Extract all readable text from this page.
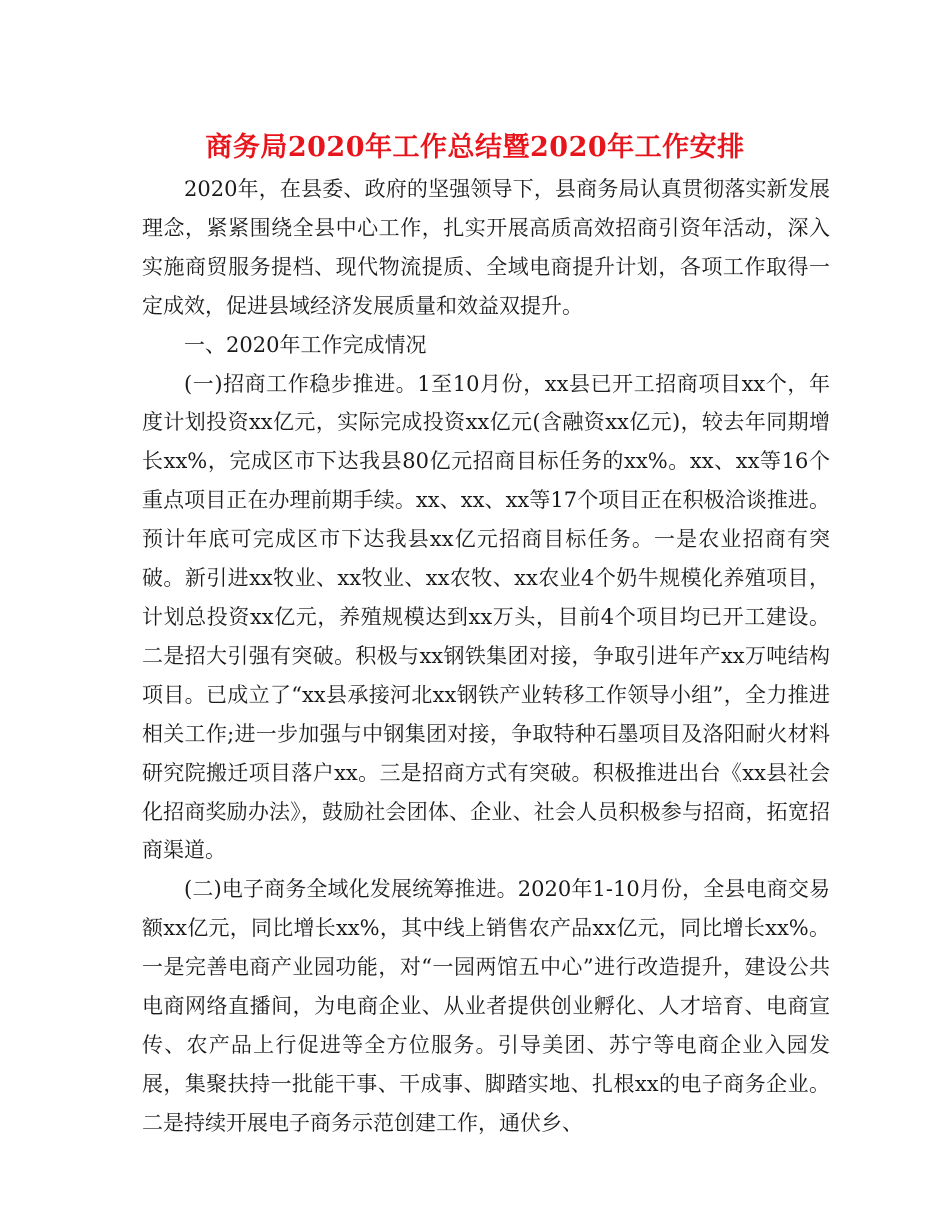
商务局2020年工作总结暨2020年工作安排

2020年，在县委、政府的坚强领导下，县商务局认真贯彻落实新发展理念，紧紧围绕全县中心工作，扎实开展高质高效招商引资年活动，深入实施商贸服务提档、现代物流提质、全域电商提升计划，各项工作取得一定成效，促进县域经济发展质量和效益双提升。

一、2020年工作完成情况

(一)招商工作稳步推进。1至10月份，xx县已开工招商项目xx个，年度计划投资xx亿元，实际完成投资xx亿元(含融资xx亿元)，较去年同期增长xx%，完成区市下达我县80亿元招商目标任务的xx%。xx、xx等16个重点项目正在办理前期手续。xx、xx、xx等17个项目正在积极洽谈推进。预计年底可完成区市下达我县xx亿元招商目标任务。一是农业招商有突破。新引进xx牧业、xx牧业、xx农牧、xx农业4个奶牛规模化养殖项目，计划总投资xx亿元，养殖规模达到xx万头，目前4个项目均已开工建设。二是招大引强有突破。积极与xx钢铁集团对接，争取引进年产xx万吨结构项目。已成立了“xx县承接河北xx钢铁产业转移工作领导小组”，全力推进相关工作;进一步加强与中钢集团对接，争取特种石墨项目及洛阳耐火材料研究院搬迁项目落户xx。三是招商方式有突破。积极推进出台《xx县社会化招商奖励办法》，鼓励社会团体、企业、社会人员积极参与招商，拓宽招商渠道。

(二)电子商务全域化发展统筹推进。2020年1-10月份，全县电商交易额xx亿元，同比增长xx%，其中线上销售农产品xx亿元，同比增长xx%。一是完善电商产业园功能，对“一园两馆五中心”进行改造提升，建设公共电商网络直播间，为电商企业、从业者提供创业孵化、人才培育、电商宣传、农产品上行促进等全方位服务。引导美团、苏宁等电商企业入园发展，集聚扶持一批能干事、干成事、脚踏实地、扎根xx的电子商务企业。二是持续开展电子商务示范创建工作，通伏乡、
